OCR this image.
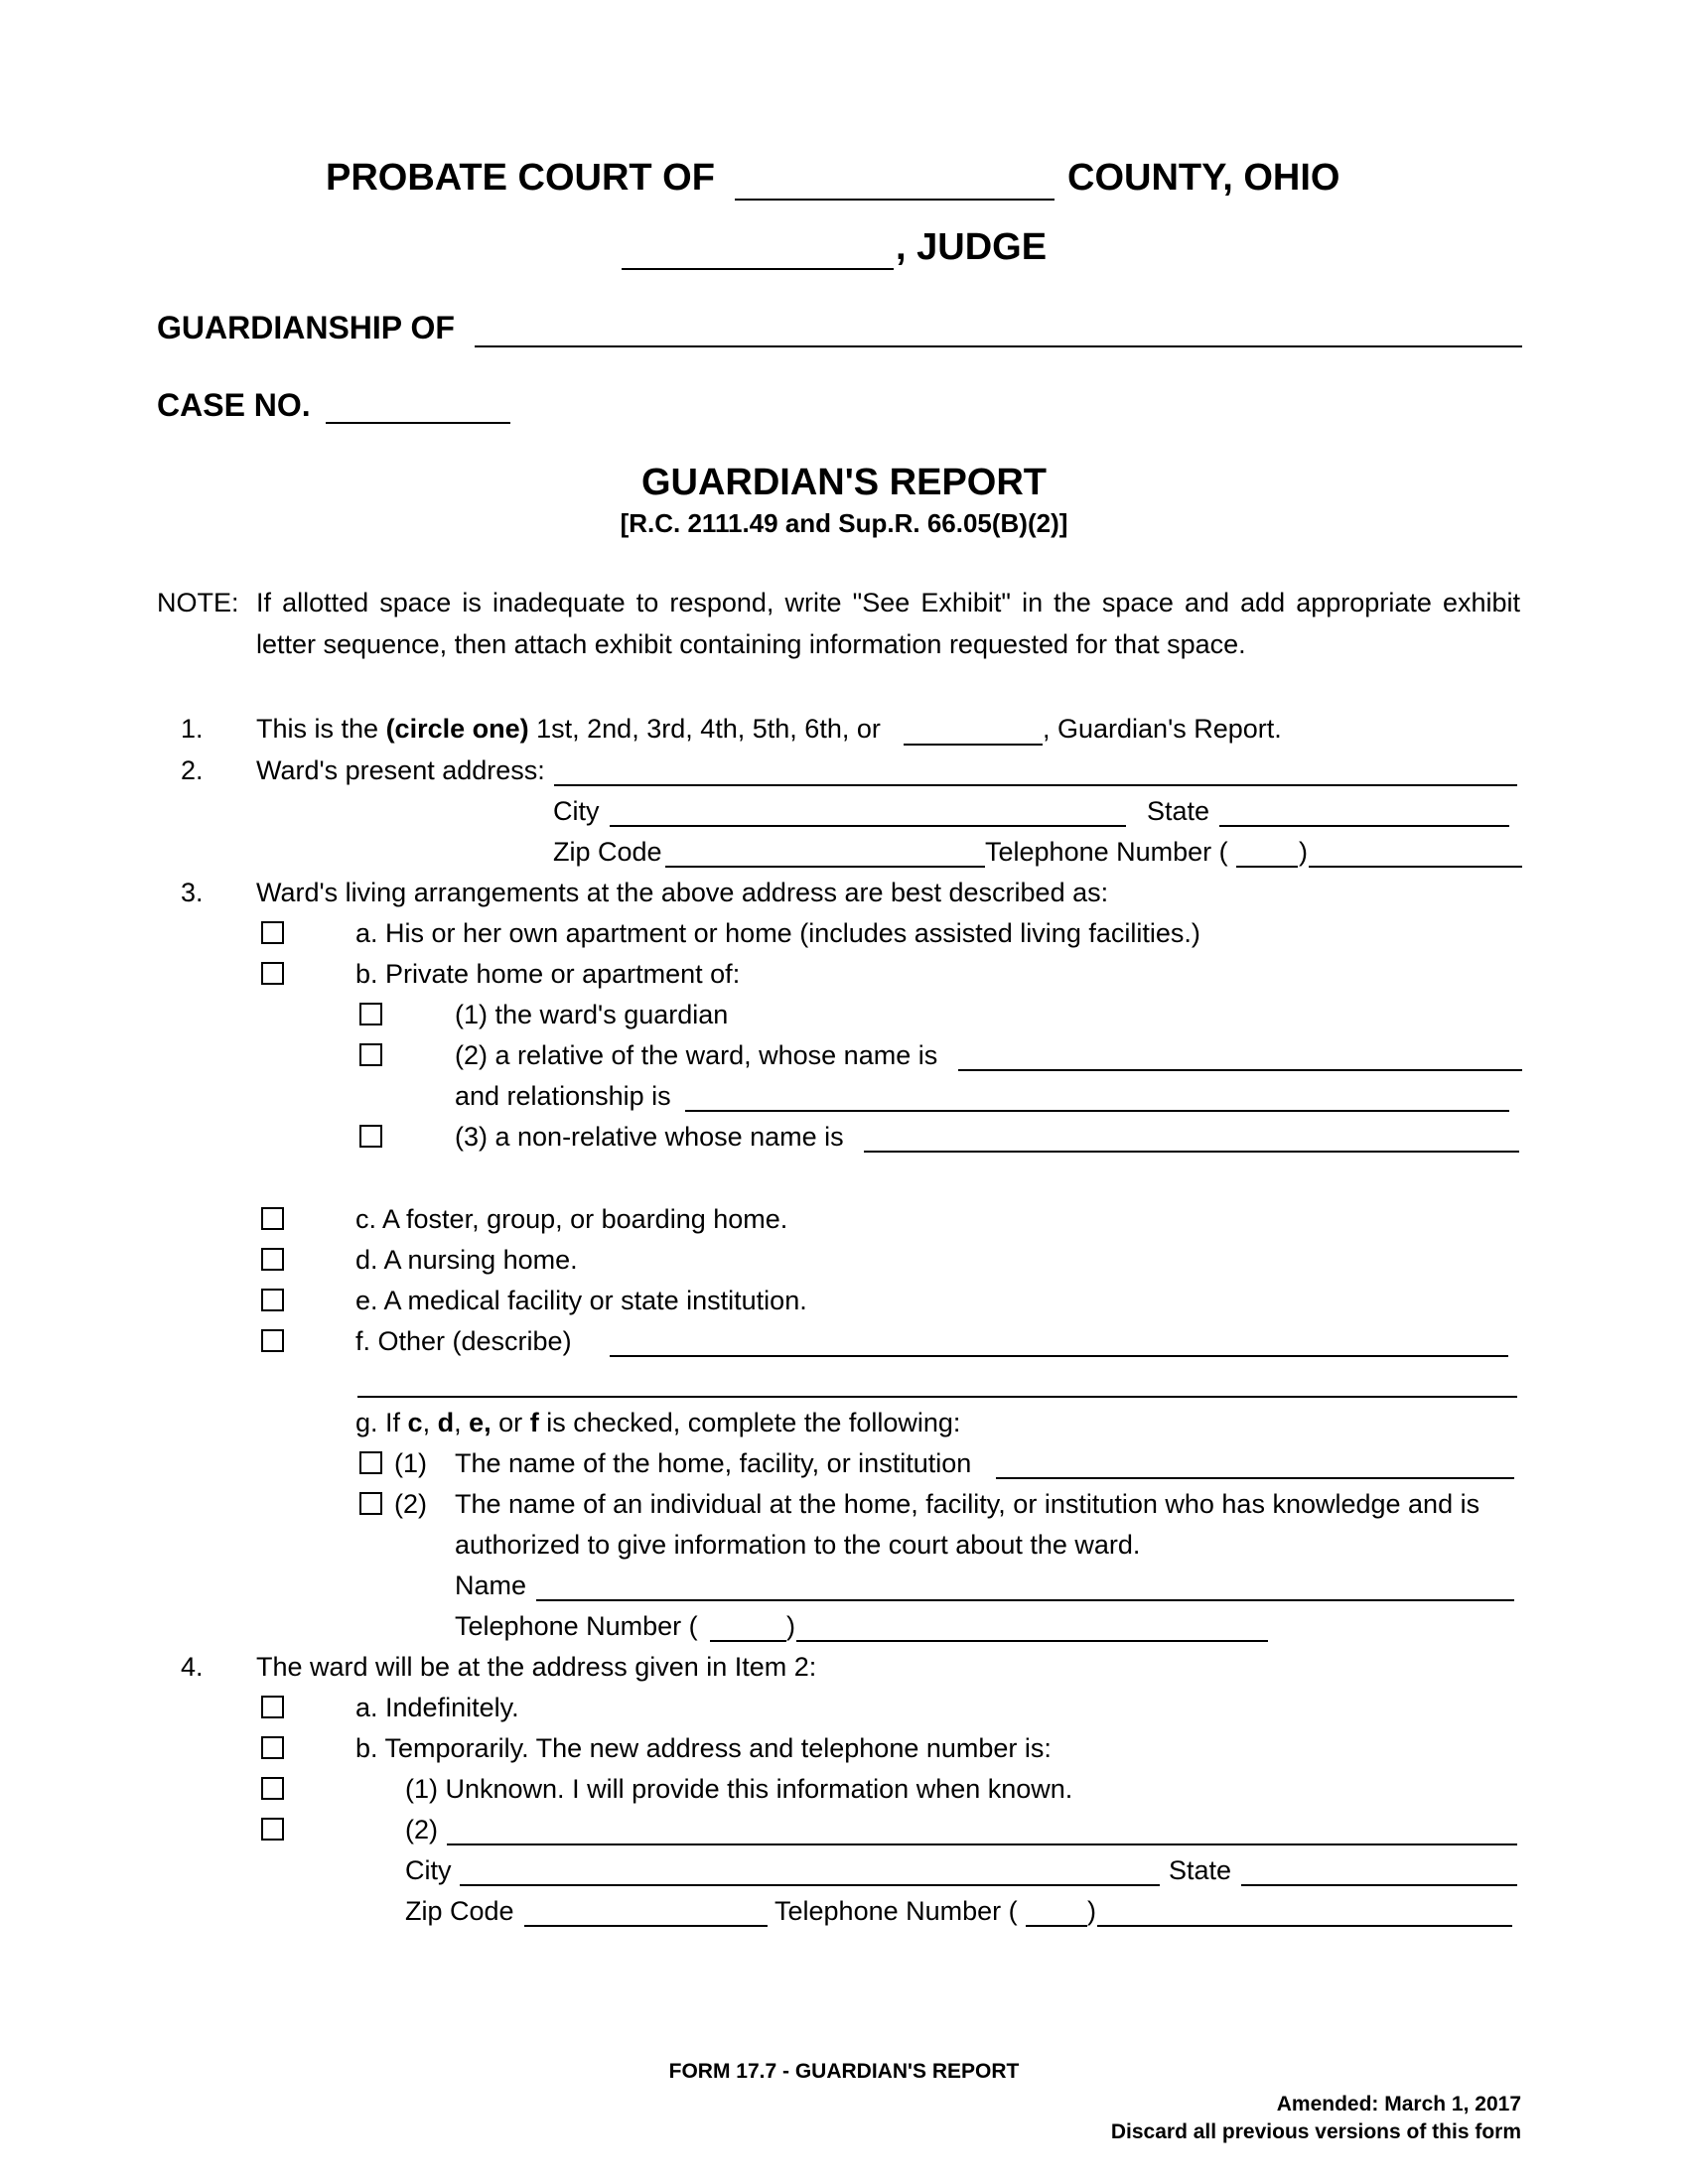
PROBATE COURT OF	COUNTY, OHIO
, JUDGE
GUARDIANSHIP OF
CASE NO.
GUARDIAN'S REPORT
[R.C. 2111.49 and Sup.R. 66.05(B)(2)]
NOTE: If allotted space is inadequate to respond, write "See Exhibit" in the space and add appropriate exhibit
letter sequence, then attach exhibit containing information requested for that space.
1. This is the (circle one) 1st, 2nd, 3rd, 4th, 5th, 6th, or	, Guardian's Report.
2. Ward's present address:
City	State
Zip Code	Telephone Number (	)
3. Ward's living arrangements at the above address are best described as:
a. His or her own apartment or home (includes assisted living facilities.)
b. Private home or apartment of:
(1) the ward's guardian
(2) a relative of the ward, whose name is
and relationship is
(3) a non-relative whose name is
c. A foster, group, or boarding home.
d. A nursing home.
e. A medical facility or state institution.
f. Other (describe)
g. If c, d, e, or f is checked, complete the following:
(1) The name of the home, facility, or institution
(2) The name of an individual at the home, facility, or institution who has knowledge and is
authorized to give information to the court about the ward.
Name
Telephone Number (	)
4. The ward will be at the address given in Item 2:
a. Indefinitely.
b. Temporarily. The new address and telephone number is:
(1) Unknown. I will provide this information when known.
(2)
City	State
Zip Code	Telephone Number (	)
FORM 17.7 - GUARDIAN'S REPORT
Amended: March 1, 2017
Discard all previous versions of this form
